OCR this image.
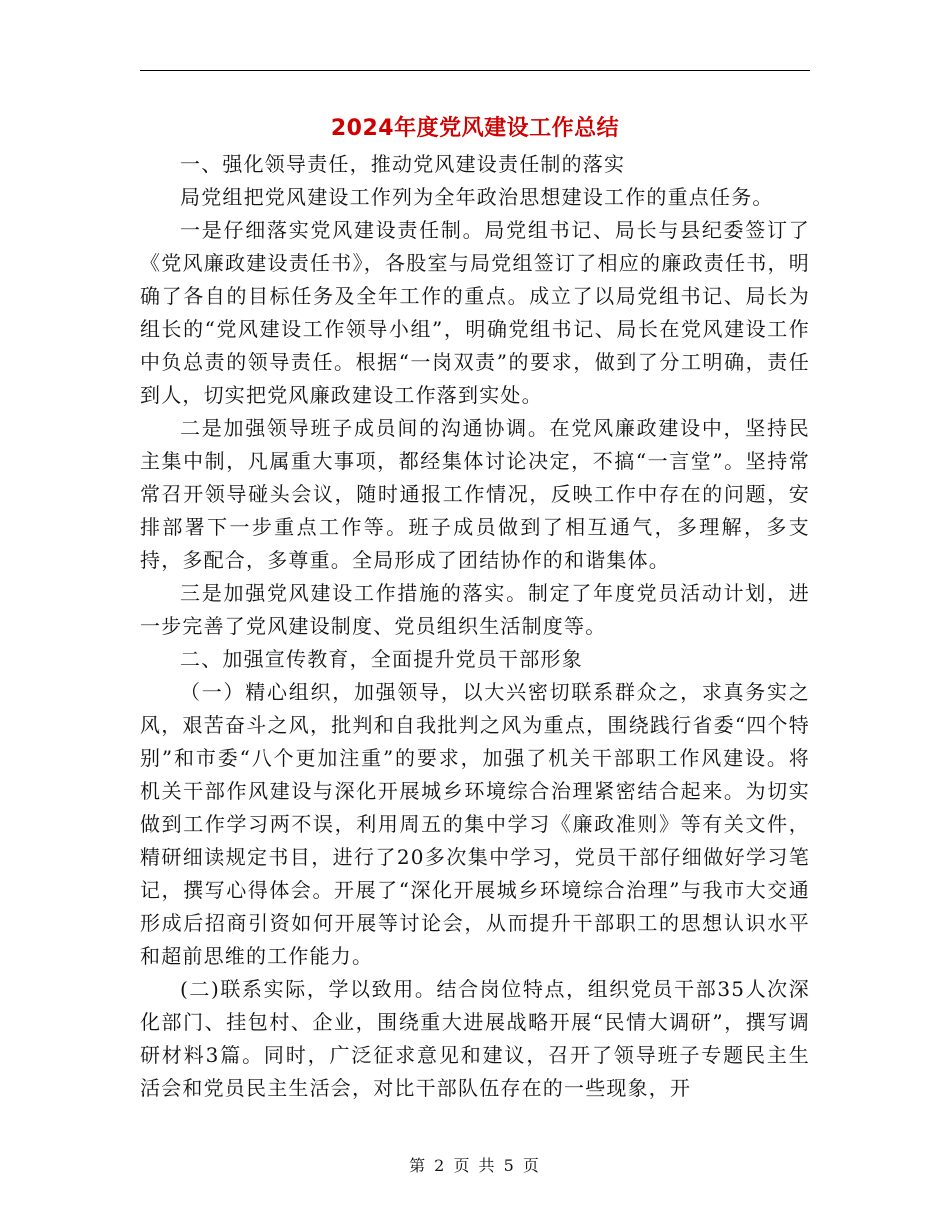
2024年度党风建设工作总结

一、强化领导责任，推动党风建设责任制的落实

局党组把党风建设工作列为全年政治思想建设工作的重点任务。

一是仔细落实党风建设责任制。局党组书记、局长与县纪委签订了《党风廉政建设责任书》，各股室与局党组签订了相应的廉政责任书，明确了各自的目标任务及全年工作的重点。成立了以局党组书记、局长为组长的“党风建设工作领导小组”，明确党组书记、局长在党风建设工作中负总责的领导责任。根据“一岗双责”的要求，做到了分工明确，责任到人，切实把党风廉政建设工作落到实处。

二是加强领导班子成员间的沟通协调。在党风廉政建设中，坚持民主集中制，凡属重大事项，都经集体讨论决定，不搞“一言堂”。坚持常常召开领导碰头会议，随时通报工作情况，反映工作中存在的问题，安排部署下一步重点工作等。班子成员做到了相互通气，多理解，多支持，多配合，多尊重。全局形成了团结协作的和谐集体。

三是加强党风建设工作措施的落实。制定了年度党员活动计划，进一步完善了党风建设制度、党员组织生活制度等。

二、加强宣传教育，全面提升党员干部形象

（一）精心组织，加强领导，以大兴密切联系群众之，求真务实之风，艰苦奋斗之风，批判和自我批判之风为重点，围绕践行省委“四个特别”和市委“八个更加注重”的要求，加强了机关干部职工作风建设。将机关干部作风建设与深化开展城乡环境综合治理紧密结合起来。为切实做到工作学习两不误，利用周五的集中学习《廉政准则》等有关文件，精研细读规定书目，进行了20多次集中学习，党员干部仔细做好学习笔记，撰写心得体会。开展了“深化开展城乡环境综合治理”与我市大交通形成后招商引资如何开展等讨论会，从而提升干部职工的思想认识水平和超前思维的工作能力。

(二)联系实际，学以致用。结合岗位特点，组织党员干部35人次深化部门、挂包村、企业，围绕重大进展战略开展“民情大调研”，撰写调研材料3篇。同时，广泛征求意见和建议，召开了领导班子专题民主生活会和党员民主生活会，对比干部队伍存在的一些现象，开

第 2 页 共 5 页
